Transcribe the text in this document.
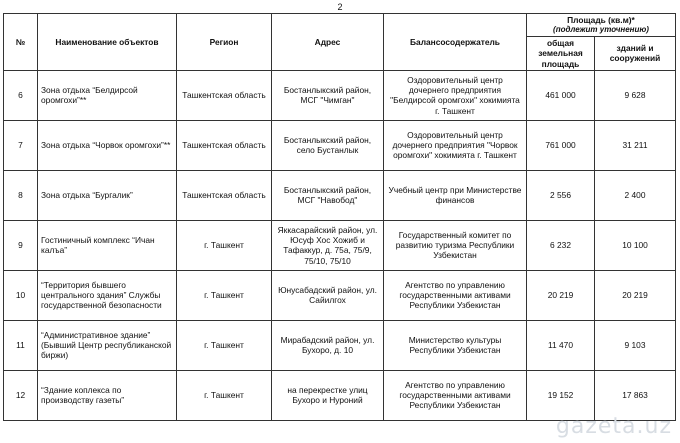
2
№	Наименование объектов	Регион	Адрес	Балансосодержатель	Площадь (кв.м)*
(подлежит уточнению)	

					общая земельная площадь	зданий и сооружений
6	Зона отдыха “Белдирсой оромгохи”**	Ташкентская область	Бостанлыкский район, МСГ "Чимган"	Оздоровительный центр дочернего предприятия "Белдирсой оромгохи" хокимията г. Ташкент	461 000	9 628
7	Зона отдыха “Чорвок оромгохи”**	Ташкентская область	Бостанлыкский район, село Бустанлык	Оздоровительный центр дочернего предприятия "Чорвок оромгохи" хокимията г. Ташкент	761 000	31 211
8	Зона отдыха “Бургалик”	Ташкентская область	Бостанлыкский район, МСГ "Навобод"	Учебный центр при Министерстве финансов	2 556	2 400
9	Гостиничный комплекс “Ичан калъа”	г. Ташкент	Яккасарайский район, ул. Юсуф Хос Хожиб и Тафаккур, д. 75а, 75/9, 75/10, 75/10	Государственный комитет по развитию туризма Республики Узбекистан	6 232	10 100
10	“Территория бывшего центрального здания” Службы государственной безопасности	г. Ташкент	Юнусабадский район, ул. Сайилгох	Агентство по управлению государственными активами Республики Узбекистан	20 219	20 219
11	“Административное здание” (Бывший Центр республиканской биржи)	г. Ташкент	Мирабадский район, ул. Бухоро, д. 10	Министерство культуры Республики Узбекистан	11 470	9 103
12	“Здание коплекса по производству газеты”	г. Ташкент	на перекрестке улиц Бухоро и Нуроний	Агентство по управлению государственными активами Республики Узбекистан	19 152	17 863
gazeta.uz
